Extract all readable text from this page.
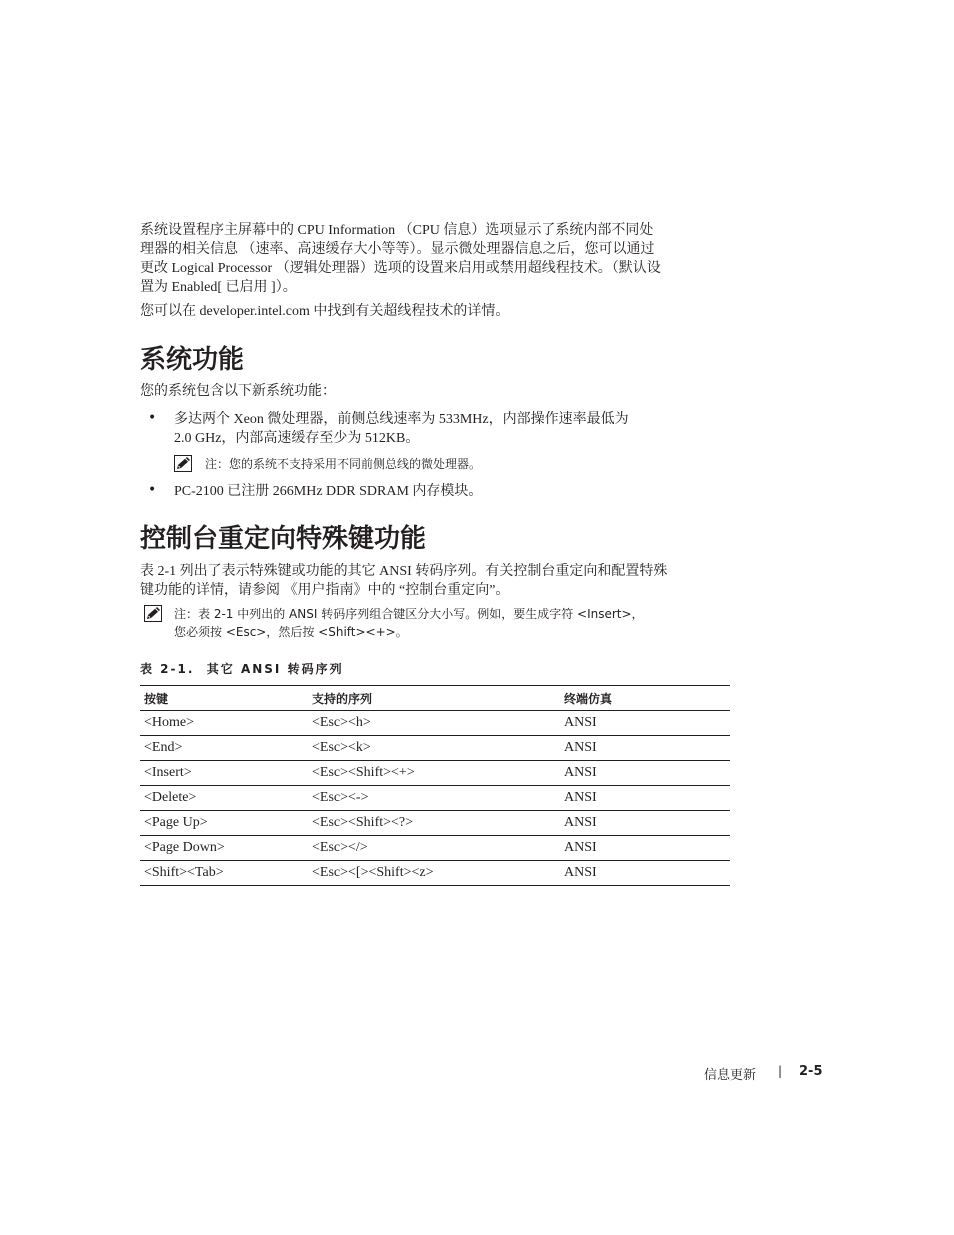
系统设置程序主屏幕中的 CPU Information （CPU 信息）选项显示了系统内部不同处

理器的相关信息 （速率、高速缓存大小等等）。显示微处理器信息之后，您可以通过

更改 Logical Processor （逻辑处理器）选项的设置来启用或禁用超线程技术。（默认设

置为 Enabled[ 已启用 ]）。

您可以在 developer.intel.com 中找到有关超线程技术的详情。

系统功能

您的系统包含以下新系统功能：

• 多达两个 Xeon 微处理器，前侧总线速率为 533MHz，内部操作速率最低为

2.0 GHz，内部高速缓存至少为 512KB。

注：您的系统不支持采用不同前侧总线的微处理器。

• PC-2100 已注册 266MHz DDR SDRAM 内存模块。

控制台重定向特殊键功能

表 2-1 列出了表示特殊键或功能的其它 ANSI 转码序列。有关控制台重定向和配置特殊

键功能的详情，请参阅 《用户指南》中的 “控制台重定向”。

注：表 2-1 中列出的 ANSI 转码序列组合键区分大小写。例如，要生成字符 <Insert>，

您必须按 <Esc>，然后按 <Shift><+>。

表 2-1.  其它 ANSI 转码序列
按键	支持的序列	终端仿真
<Home>	<Esc><h>	ANSI
<End>	<Esc><k>	ANSI
<Insert>	<Esc><Shift><+>	ANSI
<Delete>	<Esc><->	ANSI
<Page Up>	<Esc><Shift><?>	ANSI
<Page Down>	<Esc></>	ANSI
<Shift><Tab>	<Esc><[><Shift><z>	ANSI
信息更新 | 2-5
